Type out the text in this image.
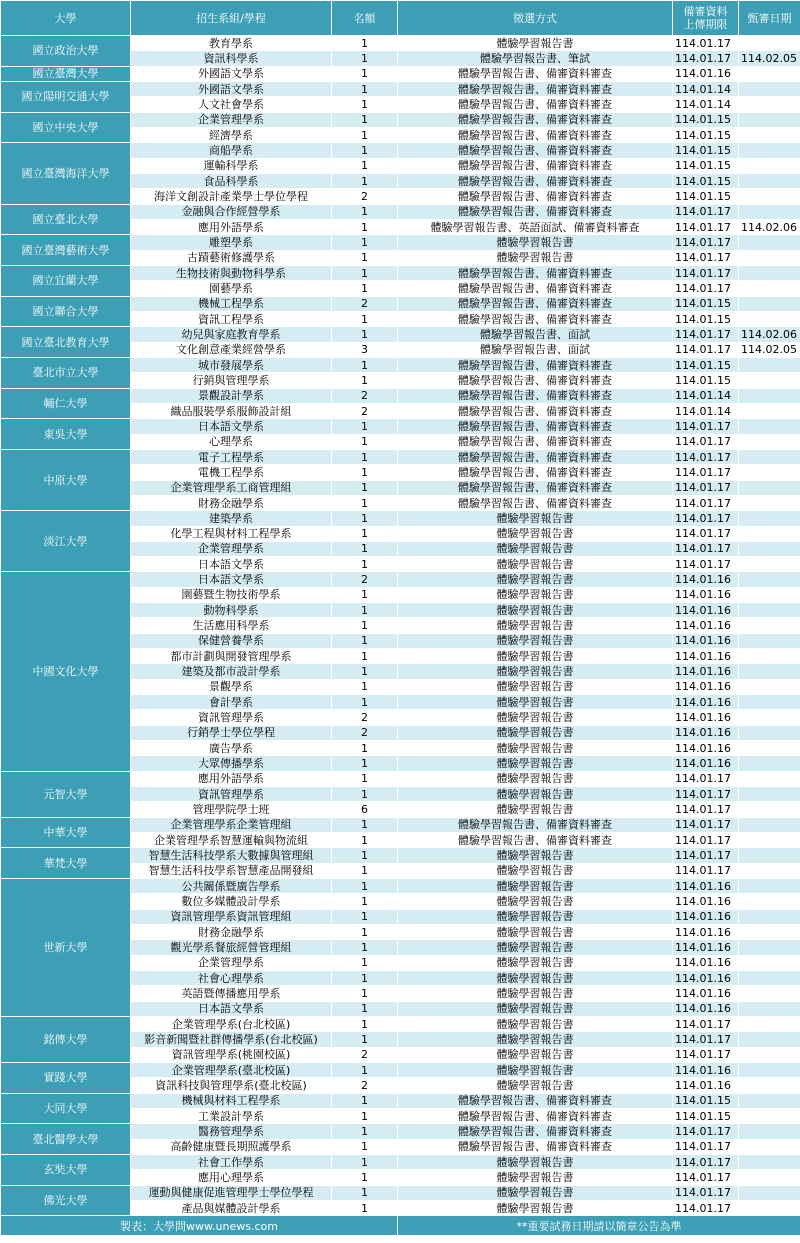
大學	招生系組/學程	名額	徵選方式	備審資料
上傳期限	甄審日期
國立政治大學	教育學系	1	體驗學習報告書	114.01.17	
	資訊科學系	1	體驗學習報告書、筆試	114.01.17	114.02.05
國立臺灣大學	外國語文學系	1	體驗學習報告書、備審資料審查	114.01.16	
國立陽明交通大學	外國語文學系	1	體驗學習報告書、備審資料審查	114.01.14	
	人文社會學系	1	體驗學習報告書、備審資料審查	114.01.14	
國立中央大學	企業管理學系	1	體驗學習報告書、備審資料審查	114.01.15	
	經濟學系	1	體驗學習報告書、備審資料審查	114.01.15	
國立臺灣海洋大學	商船學系	1	體驗學習報告書、備審資料審查	114.01.15	
	運輸科學系	1	體驗學習報告書、備審資料審查	114.01.15	
	食品科學系	1	體驗學習報告書、備審資料審查	114.01.15	
	海洋文創設計產業學士學位學程	2	體驗學習報告書、備審資料審查	114.01.15	
國立臺北大學	金融與合作經營學系	1	體驗學習報告書、備審資料審查	114.01.17	
	應用外語學系	1	體驗學習報告書、英語面試、備審資料審查	114.01.17	114.02.06
國立臺灣藝術大學	雕塑學系	1	體驗學習報告書	114.01.17	
	古蹟藝術修護學系	1	體驗學習報告書	114.01.17	
國立宜蘭大學	生物技術與動物科學系	1	體驗學習報告書、備審資料審查	114.01.17	
	園藝學系	1	體驗學習報告書、備審資料審查	114.01.17	
國立聯合大學	機械工程學系	2	體驗學習報告書、備審資料審查	114.01.15	
	資訊工程學系	1	體驗學習報告書、備審資料審查	114.01.15	
國立臺北教育大學	幼兒與家庭教育學系	1	體驗學習報告書、面試	114.01.17	114.02.06
	文化創意產業經營學系	3	體驗學習報告書、面試	114.01.17	114.02.05
臺北市立大學	城市發展學系	1	體驗學習報告書、備審資料審查	114.01.15	
	行銷與管理學系	1	體驗學習報告書、備審資料審查	114.01.15	
輔仁大學	景觀設計學系	2	體驗學習報告書、備審資料審查	114.01.14	
	織品服裝學系服飾設計組	2	體驗學習報告書、備審資料審查	114.01.14	
東吳大學	日本語文學系	1	體驗學習報告書、備審資料審查	114.01.17	
	心理學系	1	體驗學習報告書、備審資料審查	114.01.17	
中原大學	電子工程學系	1	體驗學習報告書、備審資料審查	114.01.17	
	電機工程學系	1	體驗學習報告書、備審資料審查	114.01.17	
	企業管理學系工商管理組	1	體驗學習報告書、備審資料審查	114.01.17	
	財務金融學系	1	體驗學習報告書、備審資料審查	114.01.17	
淡江大學	建築學系	1	體驗學習報告書	114.01.17	
	化學工程與材料工程學系	1	體驗學習報告書	114.01.17	
	企業管理學系	1	體驗學習報告書	114.01.17	
	日本語文學系	1	體驗學習報告書	114.01.17	
中國文化大學	日本語文學系	2	體驗學習報告書	114.01.16	
	園藝暨生物技術學系	1	體驗學習報告書	114.01.16	
	動物科學系	1	體驗學習報告書	114.01.16	
	生活應用科學系	1	體驗學習報告書	114.01.16	
	保健營養學系	1	體驗學習報告書	114.01.16	
	都市計劃與開發管理學系	1	體驗學習報告書	114.01.16	
	建築及都市設計學系	1	體驗學習報告書	114.01.16	
	景觀學系	1	體驗學習報告書	114.01.16	
	會計學系	1	體驗學習報告書	114.01.16	
	資訊管理學系	2	體驗學習報告書	114.01.16	
	行銷學士學位學程	2	體驗學習報告書	114.01.16	
	廣告學系	1	體驗學習報告書	114.01.16	
	大眾傳播學系	1	體驗學習報告書	114.01.16	
元智大學	應用外語學系	1	體驗學習報告書	114.01.17	
	資訊管理學系	1	體驗學習報告書	114.01.17	
	管理學院學士班	6	體驗學習報告書	114.01.17	
中華大學	企業管理學系企業管理組	1	體驗學習報告書、備審資料審查	114.01.17	
	企業管理學系智慧運輸與物流組	1	體驗學習報告書、備審資料審查	114.01.17	
華梵大學	智慧生活科技學系大數據與管理組	1	體驗學習報告書	114.01.17	
	智慧生活科技學系智慧產品開發組	1	體驗學習報告書	114.01.17	
世新大學	公共關係暨廣告學系	1	體驗學習報告書	114.01.16	
	數位多媒體設計學系	1	體驗學習報告書	114.01.16	
	資訊管理學系資訊管理組	1	體驗學習報告書	114.01.16	
	財務金融學系	1	體驗學習報告書	114.01.16	
	觀光學系餐旅經營管理組	1	體驗學習報告書	114.01.16	
	企業管理學系	1	體驗學習報告書	114.01.16	
	社會心理學系	1	體驗學習報告書	114.01.16	
	英語暨傳播應用學系	1	體驗學習報告書	114.01.16	
	日本語文學系	1	體驗學習報告書	114.01.16	
銘傳大學	企業管理學系(台北校區)	1	體驗學習報告書	114.01.17	
	影音新聞暨社群傳播學系(台北校區)	1	體驗學習報告書	114.01.17	
	資訊管理學系(桃園校區)	2	體驗學習報告書	114.01.17	
實踐大學	企業管理學系(臺北校區)	1	體驗學習報告書	114.01.16	
	資訊科技與管理學系(臺北校區)	2	體驗學習報告書	114.01.16	
大同大學	機械與材料工程學系	1	體驗學習報告書、備審資料審查	114.01.15	
	工業設計學系	1	體驗學習報告書、備審資料審查	114.01.15	
臺北醫學大學	醫務管理學系	1	體驗學習報告書、備審資料審查	114.01.17	
	高齡健康暨長期照護學系	1	體驗學習報告書、備審資料審查	114.01.17	
玄奘大學	社會工作學系	1	體驗學習報告書	114.01.17	
	應用心理學系	1	體驗學習報告書	114.01.17	
佛光大學	運動與健康促進管理學士學位學程	1	體驗學習報告書	114.01.17	
	產品與媒體設計學系	1	體驗學習報告書	114.01.17	
製表：大學問www.unews.com			**重要試務日期請以簡章公告為準		
